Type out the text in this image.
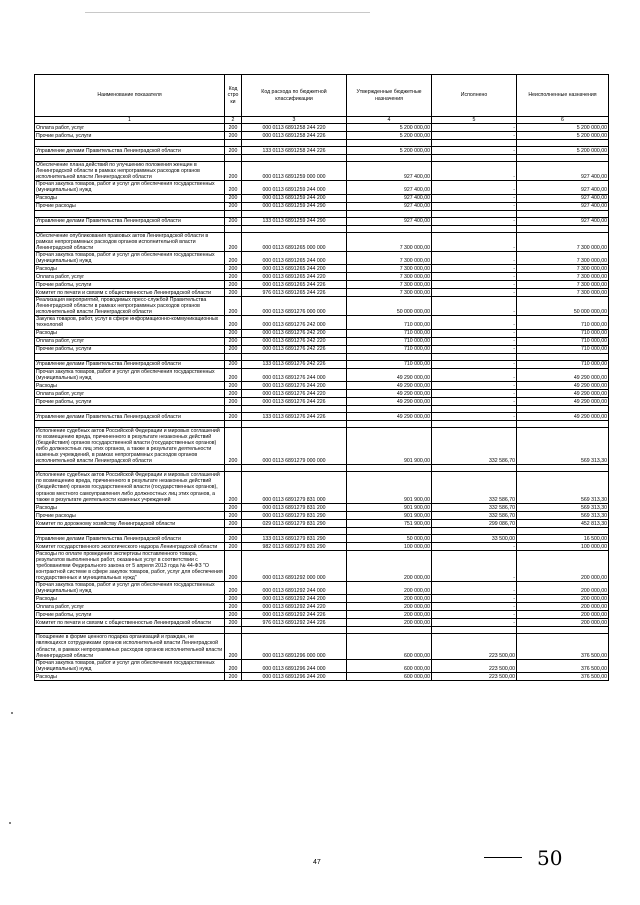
Наименование показателя	Код стро ки	Код расхода по бюджетной классификации	Утвержденные бюджетные назначения	Исполнено	Неисполненные назначения
1	2	3	4	5	6
Оплата работ, услуг	200	000 0113 6891258 244 220	5 200 000,00	-	5 200 000,00
Прочие работы, услуги	200	000 0113 6891258 244 226	5 200 000,00	-	5 200 000,00

Управление делами Правительства Ленинградской области	200	133 0113 6891258 244 226	5 200 000,00	-	5 200 000,00

Обеспечение плана действий по улучшению положения женщин в Ленинградской области в рамках непрограммных расходов органов исполнительной власти Ленинградской области	200	000 0113 6891259 000 000	927 400,00	-	927 400,00
Прочая закупка товаров, работ и услуг для обеспечения государственных (муниципальных) нужд	200	000 0113 6891259 244 000	927 400,00	-	927 400,00
Расходы	200	000 0113 6891259 244 200	927 400,00	-	927 400,00
Прочие расходы	200	000 0113 6891259 244 290	927 400,00	-	927 400,00

Управление делами Правительства Ленинградской области	200	133 0113 6891259 244 290	927 400,00	-	927 400,00

Обеспечение опубликования правовых актов Ленинградской области в рамках непрограммных расходов органов исполнительной власти Ленинградской области	200	000 0113 6891265 000 000	7 300 000,00	-	7 300 000,00
Прочая закупка товаров, работ и услуг для обеспечения государственных (муниципальных) нужд	200	000 0113 6891265 244 000	7 300 000,00	-	7 300 000,00
Расходы	200	000 0113 6891265 244 200	7 300 000,00	-	7 300 000,00
Оплата работ, услуг	200	000 0113 6891265 244 220	7 300 000,00	-	7 300 000,00
Прочие работы, услуги	200	000 0113 6891265 244 226	7 300 000,00	-	7 300 000,00
Комитет по печати и связям с общественностью Ленинградской области	200	976 0113 6891265 244 226	7 300 000,00	-	7 300 000,00
Реализация мероприятий, проводимых пресс-службой Правительства Ленинградской области в рамках непрограммных расходов органов исполнительной власти Ленинградской области	200	000 0113 6891276 000 000	50 000 000,00	-	50 000 000,00
Закупка товаров, работ, услуг в сфере информационно-коммуникационных технологий	200	000 0113 6891276 242 000	710 000,00	-	710 000,00
Расходы	200	000 0113 6891276 242 200	710 000,00	-	710 000,00
Оплата работ, услуг	200	000 0113 6891276 242 220	710 000,00	-	710 000,00
Прочие работы, услуги	200	000 0113 6891276 242 226	710 000,00	-	710 000,00

Управление делами Правительства Ленинградской области	200	133 0113 6891276 242 226	710 000,00	-	710 000,00
Прочая закупка товаров, работ и услуг для обеспечения государственных (муниципальных) нужд	200	000 0113 6891276 244 000	49 290 000,00	-	49 290 000,00
Расходы	200	000 0113 6891276 244 200	49 290 000,00	-	49 290 000,00
Оплата работ, услуг	200	000 0113 6891276 244 220	49 290 000,00	-	49 290 000,00
Прочие работы, услуги	200	000 0113 6891276 244 226	49 290 000,00	-	49 290 000,00

Управление делами Правительства Ленинградской области	200	133 0113 6891276 244 226	49 290 000,00	-	49 290 000,00

Исполнение судебных актов Российской Федерации и мировых соглашений по возмещению вреда, причиненного в результате незаконных действий (бездействия) органов государственной власти (государственных органов) либо должностных лиц этих органов, а также в результате деятельности казенных учреждений, в рамках непрограммных расходов органов исполнительной власти Ленинградской области	200	000 0113 6891279 000 000	901 900,00	332 586,70	569 313,30

Исполнение судебных актов Российской Федерации и мировых соглашений по возмещению вреда, причиненного в результате незаконных действий (бездействия) органов государственной власти (государственных органов), органов местного самоуправления либо должностных лиц этих органов, а также в результате деятельности казенных учреждений	200	000 0113 6891279 831 000	901 900,00	332 586,70	569 313,30
Расходы	200	000 0113 6891279 831 200	901 900,00	332 586,70	569 313,30
Прочие расходы	200	000 0113 6891279 831 290	901 900,00	332 586,70	569 313,30
Комитет по дорожному хозяйству Ленинградской области	200	029 0113 6891279 831 290	751 900,00	299 086,70	452 813,30

Управление делами Правительства Ленинградской области	200	133 0113 6891279 831 290	50 000,00	33 500,00	16 500,00
Комитет государственного экологического надзора Ленинградской области	200	982 0113 6891279 831 290	100 000,00	-	100 000,00
Расходы по оплате проведения экспертизы поставленного товара, результатов выполненных работ, оказанных услуг в соответствии с требованиями Федерального закона от 5 апреля 2013 года № 44-ФЗ "О контрактной системе в сфере закупок товаров, работ, услуг для обеспечения государственных и муниципальных нужд"	200	000 0113 6891292 000 000	200 000,00	-	200 000,00
Прочая закупка товаров, работ и услуг для обеспечения государственных (муниципальных) нужд	200	000 0113 6891292 244 000	200 000,00	-	200 000,00
Расходы	200	000 0113 6891292 244 200	200 000,00	-	200 000,00
Оплата работ, услуг	200	000 0113 6891292 244 220	200 000,00	-	200 000,00
Прочие работы, услуги	200	000 0113 6891292 244 226	200 000,00	-	200 000,00
Комитет по печати и связям с общественностью Ленинградской области	200	976 0113 6891292 244 226	200 000,00	-	200 000,00

Поощрение в форме ценного подарка организаций и граждан, не являющихся сотрудниками органов исполнительной власти Ленинградской области, в рамках непрограммных расходов органов исполнительной власти Ленинградской области	200	000 0113 6891296 000 000	600 000,00	223 500,00	376 500,00
Прочая закупка товаров, работ и услуг для обеспечения государственных (муниципальных) нужд	200	000 0113 6891296 244 000	600 000,00	223 500,00	376 500,00
Расходы	200	000 0113 6891296 244 200	600 000,00	223 500,00	376 500,00
47	50
